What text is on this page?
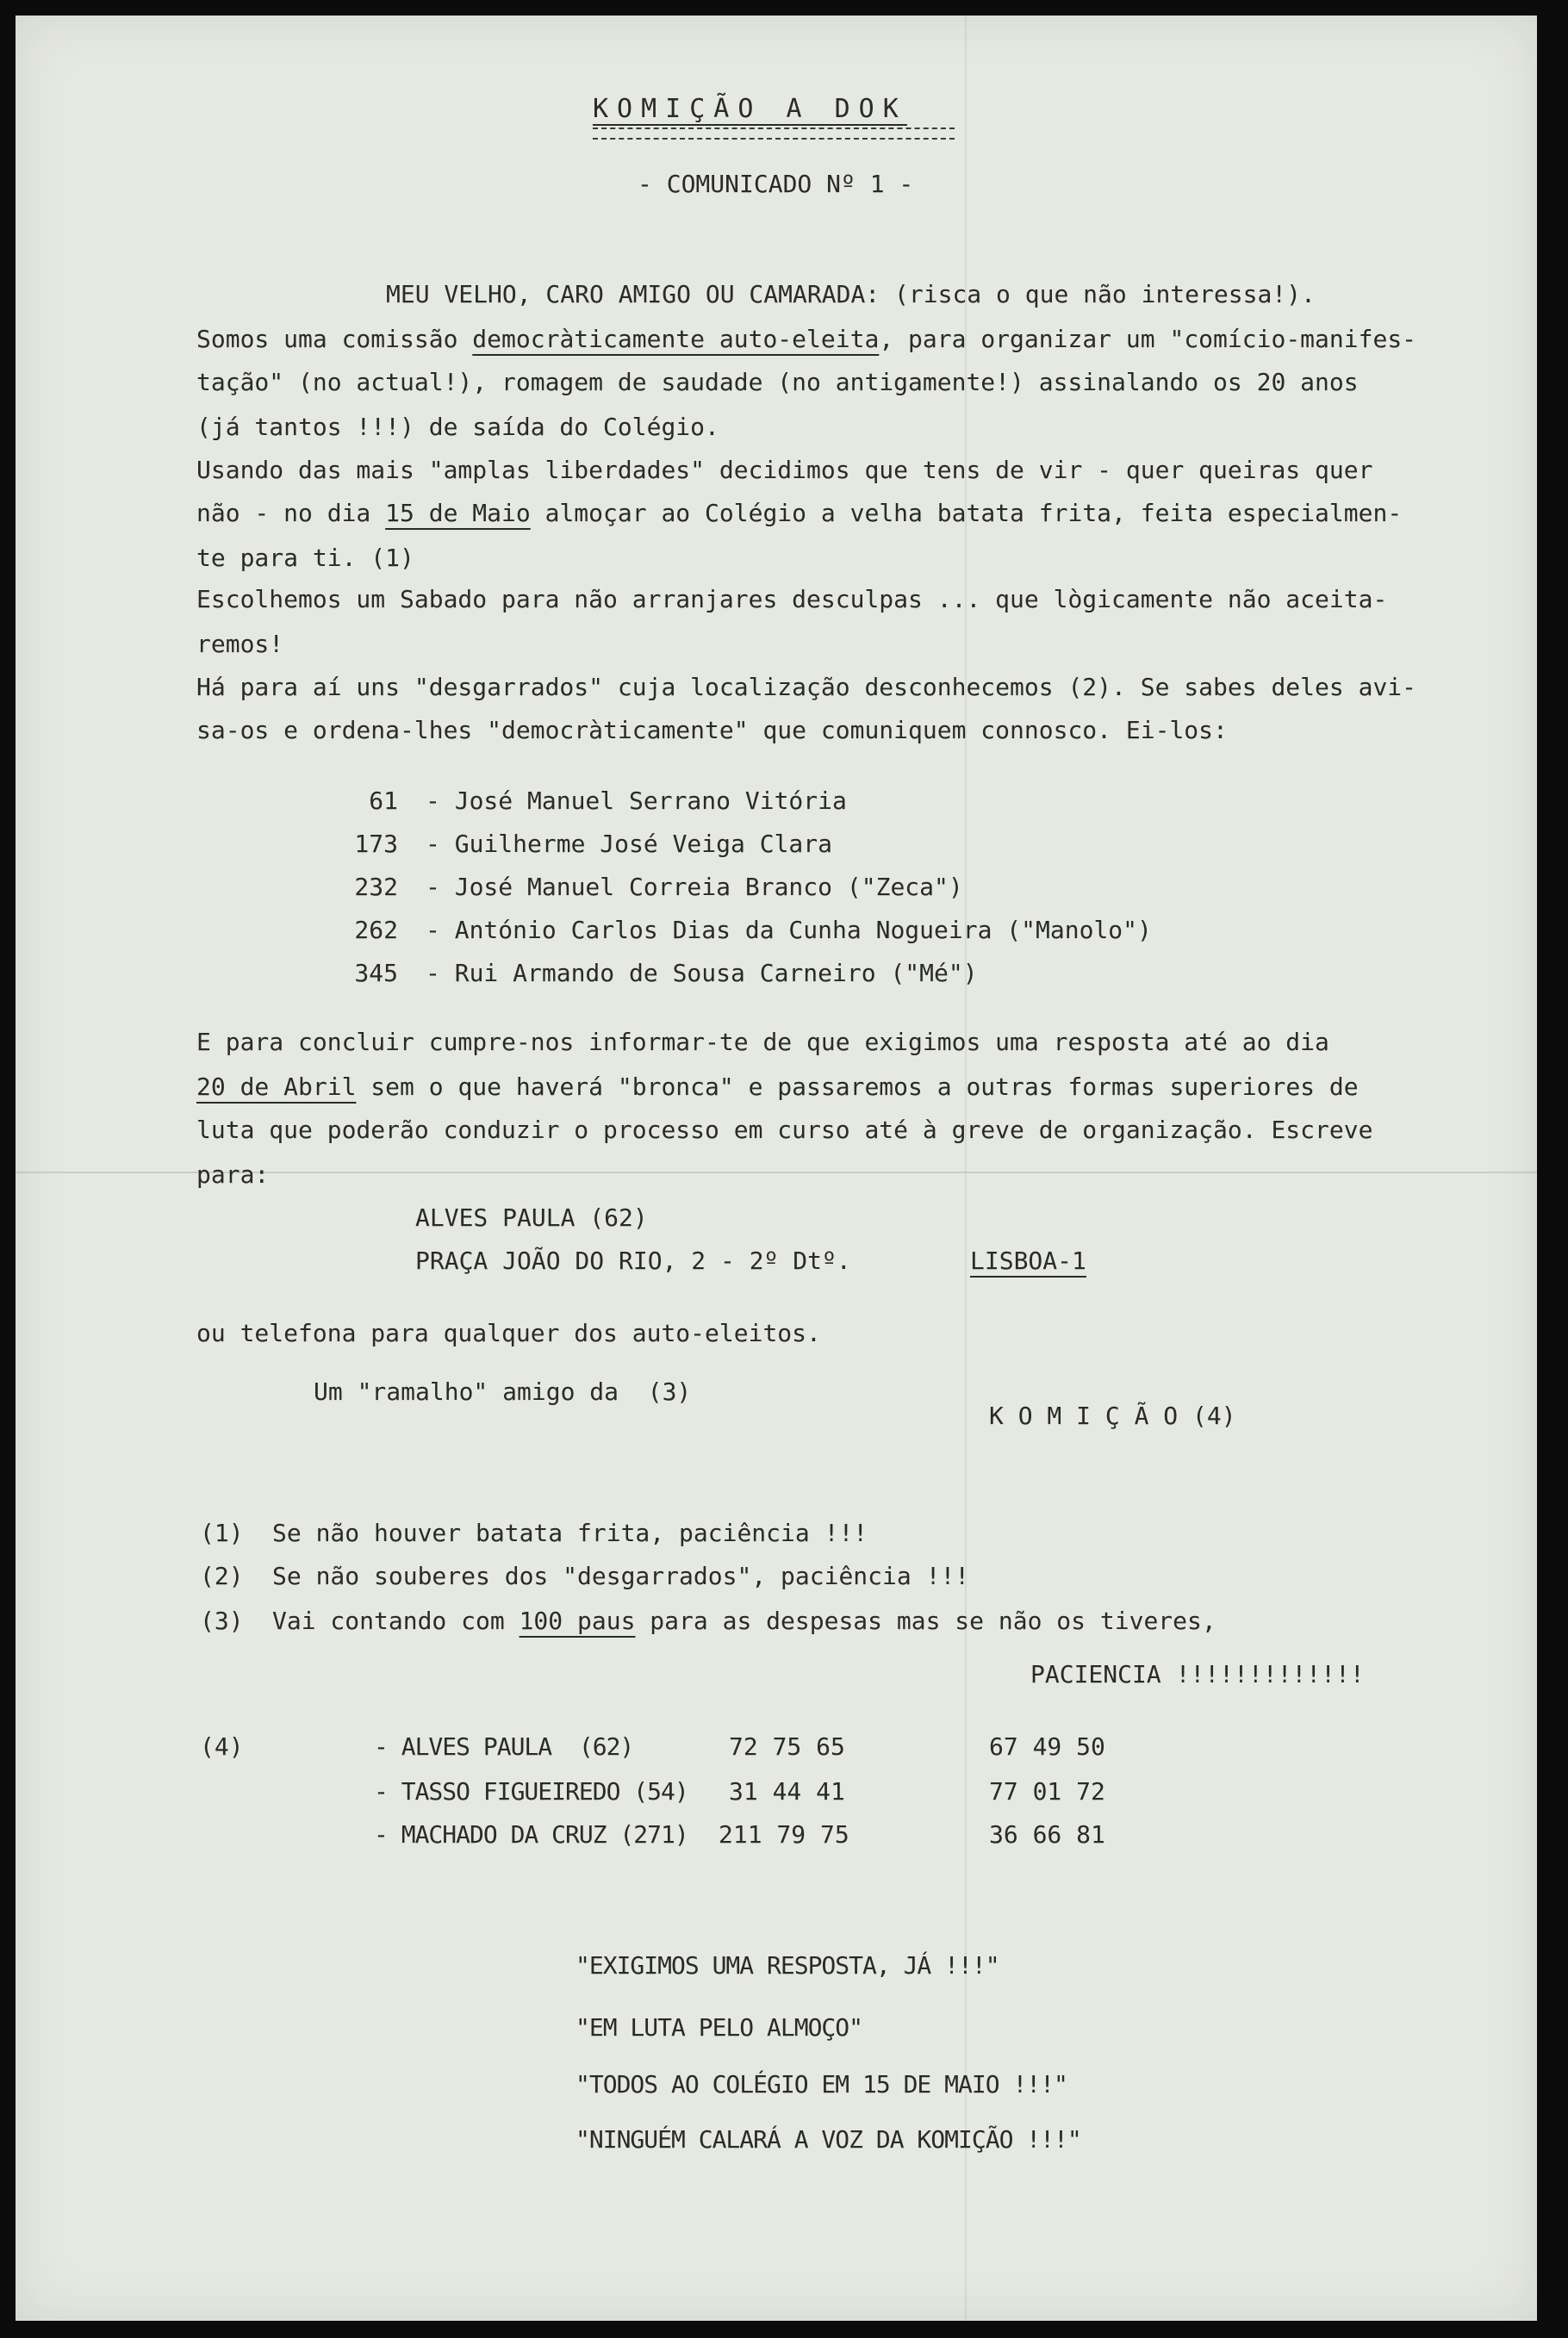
KOMIÇÃO A DOK
- COMUNICADO Nº 1 -
MEU VELHO, CARO AMIGO OU CAMARADA: (risca o que não interessa!).
Somos uma comissão democràticamente auto-eleita, para organizar um "comício-manifes-
tação" (no actual!), romagem de saudade (no antigamente!) assinalando os 20 anos
(já tantos !!!) de saída do Colégio.
Usando das mais "amplas liberdades" decidimos que tens de vir - quer queiras quer
não - no dia 15 de Maio almoçar ao Colégio a velha batata frita, feita especialmen-
te para ti. (1)
Escolhemos um Sabado para não arranjares desculpas ... que lògicamente não aceita-
remos!
Há para aí uns "desgarrados" cuja localização desconhecemos (2). Se sabes deles avi-
sa-os e ordena-lhes "democràticamente" que comuniquem connosco. Ei-los:
61 - José Manuel Serrano Vitória
173 - Guilherme José Veiga Clara
232 - José Manuel Correia Branco ("Zeca")
262 - António Carlos Dias da Cunha Nogueira ("Manolo")
345 - Rui Armando de Sousa Carneiro ("Mé")
E para concluir cumpre-nos informar-te de que exigimos uma resposta até ao dia
20 de Abril sem o que haverá "bronca" e passaremos a outras formas superiores de
luta que poderão conduzir o processo em curso até à greve de organização. Escreve
para:
ALVES PAULA (62)
PRAÇA JOÃO DO RIO, 2 - 2º Dtº.	LISBOA-1
ou telefona para qualquer dos auto-eleitos.
Um "ramalho" amigo da  (3)
K O M I Ç Ã O (4)
(1) Se não houver batata frita, paciência !!!
(2) Se não souberes dos "desgarrados", paciência !!!
(3) Vai contando com 100 paus para as despesas mas se não os tiveres,
PACIENCIA !!!!!!!!!!!!!
(4)	- ALVES PAULA  (62)	72 75 65	67 49 50
- TASSO FIGUEIREDO (54) 31 44 41	77 01 72
- MACHADO DA CRUZ (271) 211 79 75	36 66 81
"EXIGIMOS UMA RESPOSTA, JÁ !!!"
"EM LUTA PELO ALMOÇO"
"TODOS AO COLÉGIO EM 15 DE MAIO !!!"
"NINGUÉM CALARÁ A VOZ DA KOMIÇÃO !!!"
